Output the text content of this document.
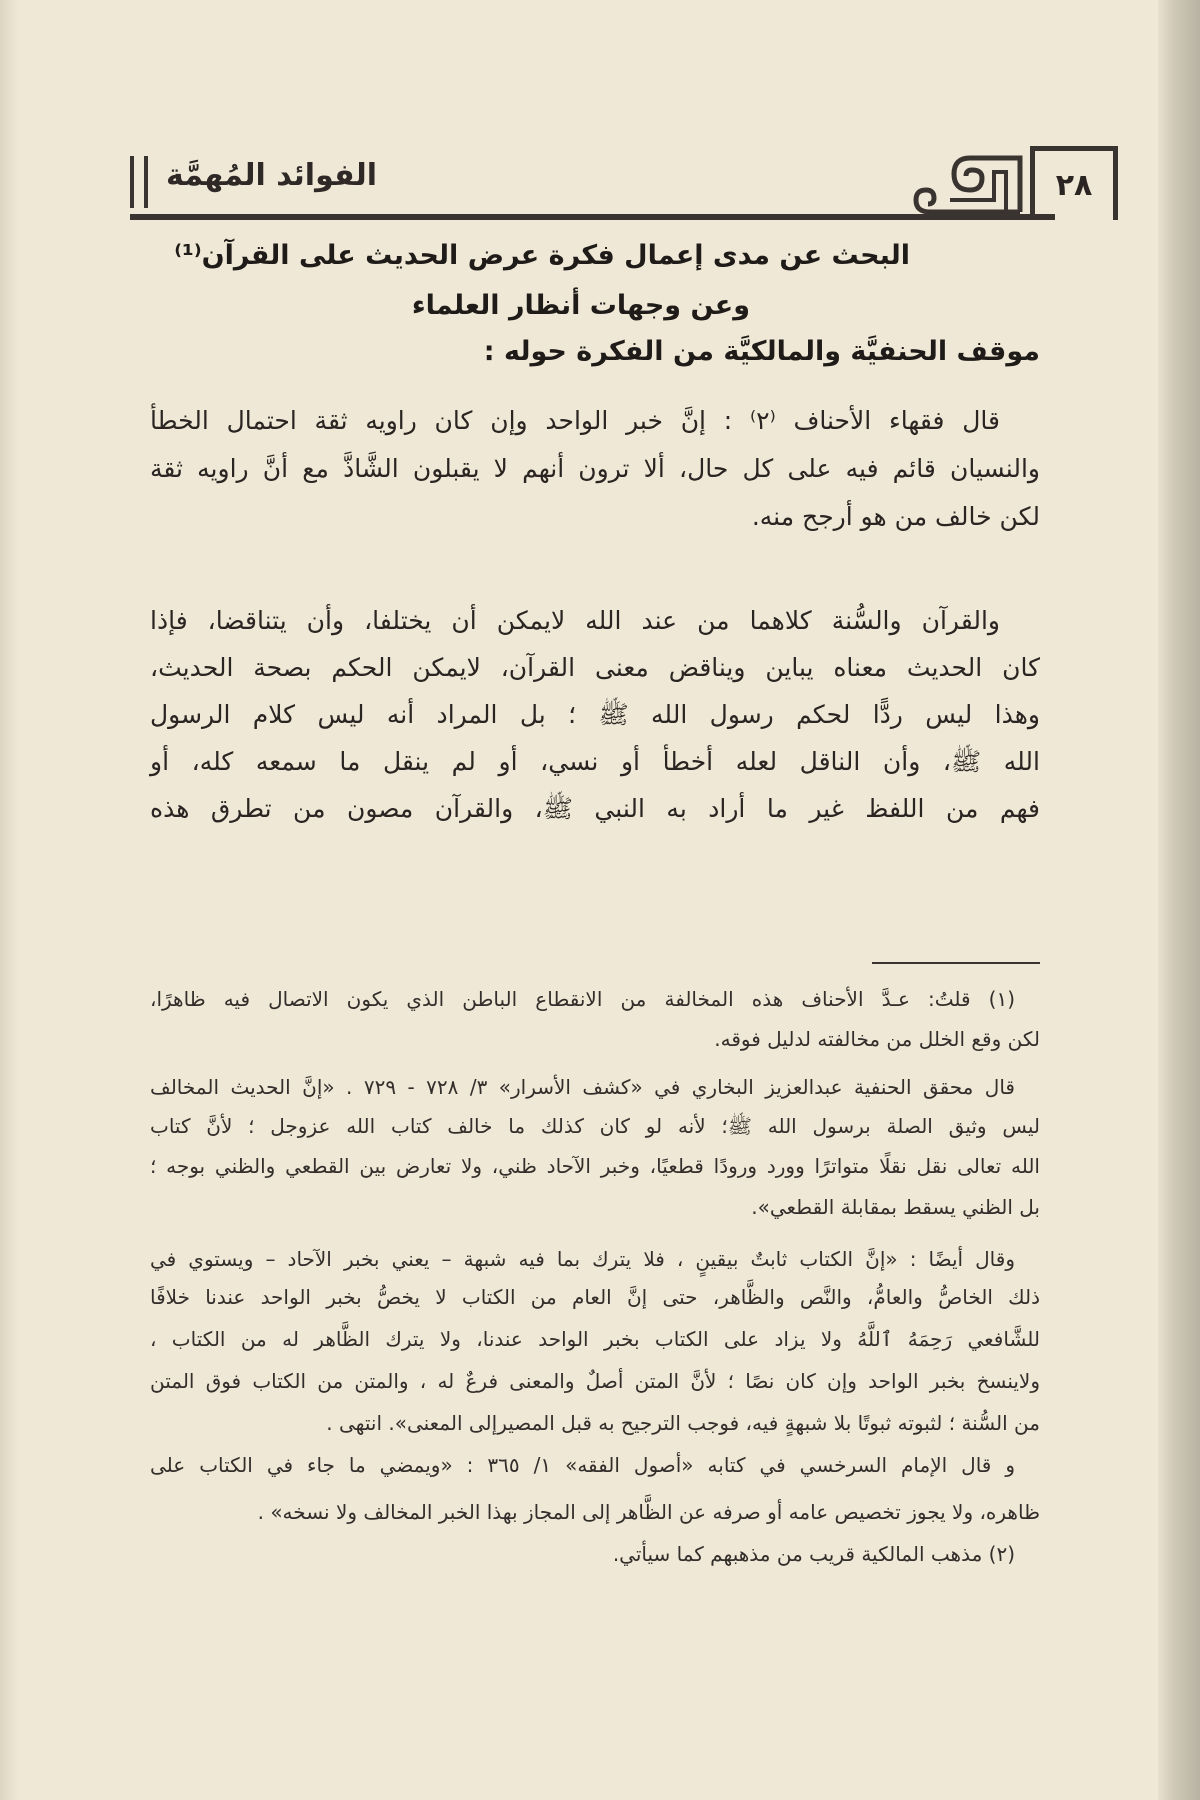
الفوائد المُهمَّة	٢٨
البحث عن مدى إعمال فكرة عرض الحديث على القرآن⁽¹⁾
وعن وجهات أنظار العلماء
موقف الحنفيَّة والمالكيَّة من الفكرة حوله :
قال فقهاء الأحناف ⁽٢⁾ : إنَّ خبر الواحد وإن كان راويه ثقة احتمال الخطأ
والنسيان قائم فيه على كل حال، ألا ترون أنهم لا يقبلون الشَّاذَّ مع أنَّ راويه ثقة
لكن خالف من هو أرجح منه.
والقرآن والسُّنة كلاهما من عند الله لايمكن أن يختلفا، وأن يتناقضا، فإذا
كان الحديث معناه يباين ويناقض معنى القرآن، لايمكن الحكم بصحة الحديث،
وهذا ليس ردًّا لحكم رسول الله ﷺ ؛ بل المراد أنه ليس كلام الرسول
الله ﷺ، وأن الناقل لعله أخطأ أو نسي، أو لم ينقل ما سمعه كله، أو
فهم من اللفظ غير ما أراد به النبي ﷺ، والقرآن مصون من تطرق هذه
(١) قلتُ: عـدَّ الأحناف هذه المخالفة من الانقطاع الباطن الذي يكون الاتصال فيه ظاهرًا،
لكن وقع الخلل من مخالفته لدليل فوقه.
قال محقق الحنفية عبدالعزيز البخاري في «كشف الأسرار» ٣/ ٧٢٨ - ٧٢٩ . «إنَّ الحديث المخالف
ليس وثيق الصلة برسول الله ﷺ؛ لأنه لو كان كذلك ما خالف كتاب الله عزوجل ؛ لأنَّ كتاب
الله تعالى نقل نقلًا متواترًا وورد ورودًا قطعيًا، وخبر الآحاد ظني، ولا تعارض بين القطعي والظني بوجه ؛
بل الظني يسقط بمقابلة القطعي».
وقال أيضًا : «إنَّ الكتاب ثابتٌ بيقينٍ ، فلا يترك بما فيه شبهة – يعني بخبر الآحاد – ويستوي في
ذلك الخاصُّ والعامُّ، والنَّص والظَّاهر، حتى إنَّ العام من الكتاب لا يخصُّ بخبر الواحد عندنا خلافًا
للشَّافعي رَحِمَهُ ٱللَّهُ ولا يزاد على الكتاب بخبر الواحد عندنا، ولا يترك الظَّاهر له من الكتاب ،
ولاينسخ بخبر الواحد وإن كان نصًا ؛ لأنَّ المتن أصلٌ والمعنى فرعٌ له ، والمتن من الكتاب فوق المتن
من السُّنة ؛ لثبوته ثبوتًا بلا شبهةٍ فيه، فوجب الترجيح به قبل المصيرإلى المعنى». انتهى .
و قال الإمام السرخسي في كتابه «أصول الفقه» ١/ ٣٦٥ : «ويمضي ما جاء في الكتاب على
ظاهره، ولا يجوز تخصيص عامه أو صرفه عن الظَّاهر إلى المجاز بهذا الخبر المخالف ولا نسخه» .
(٢) مذهب المالكية قريب من مذهبهم كما سيأتي.
